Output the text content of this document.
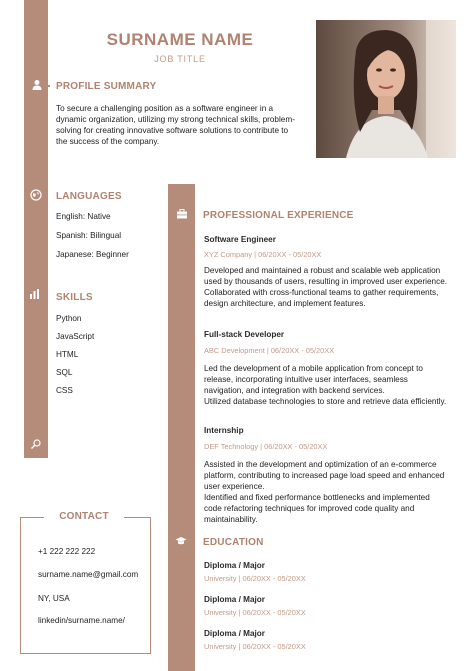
SURNAME NAME
JOB TITLE
PROFILE SUMMARY
To secure a challenging position as a software engineer in a dynamic organization, utilizing my strong technical skills, problem-solving for creating innovative software solutions to contribute to the success of the company.
LANGUAGES
English: Native
Spanish: Bilingual
Japanese: Beginner
SKILLS
Python
JavaScript
HTML
SQL
CSS
CONTACT
+1 222 222 222
surname.name@gmail.com
NY, USA
linkedin/surname.name/
PROFESSIONAL EXPERIENCE
Software Engineer
XYZ Company | 06/20XX - 05/20XX
Developed and maintained a robust and scalable web application used by thousands of users, resulting in improved user experience.
Collaborated with cross-functional teams to gather requirements, design architecture, and implement features.
Full-stack Developer
ABC Development | 06/20XX - 05/20XX
Led the development of a mobile application from concept to release, incorporating intuitive user interfaces, seamless navigation, and integration with backend services.
Utilized database technologies to store and retrieve data efficiently.
Internship
DEF Technology | 06/20XX - 05/20XX
Assisted in the development and optimization of an e-commerce platform, contributing to increased page load speed and enhanced user experience.
Identified and fixed performance bottlenecks and implemented code refactoring techniques for improved code quality and maintainability.
EDUCATION
Diploma / Major
University | 06/20XX - 05/20XX
Diploma / Major
University | 06/20XX - 05/20XX
Diploma / Major
University | 06/20XX - 05/20XX
